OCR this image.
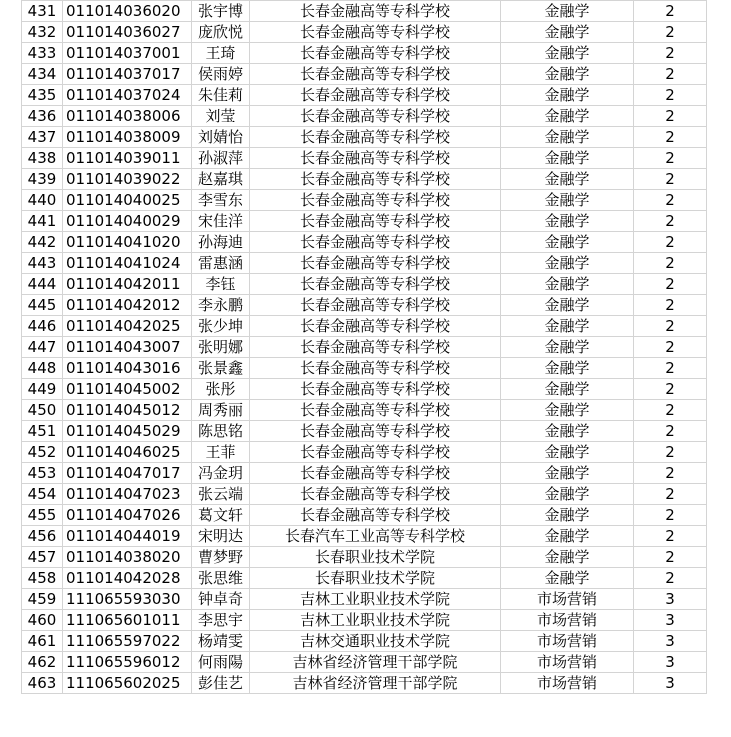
431	011014036020	张宇博	长春金融高等专科学校	金融学	2
432	011014036027	庞欣悦	长春金融高等专科学校	金融学	2
433	011014037001	王琦	长春金融高等专科学校	金融学	2
434	011014037017	侯雨婷	长春金融高等专科学校	金融学	2
435	011014037024	朱佳莉	长春金融高等专科学校	金融学	2
436	011014038006	刘莹	长春金融高等专科学校	金融学	2
437	011014038009	刘婧怡	长春金融高等专科学校	金融学	2
438	011014039011	孙淑萍	长春金融高等专科学校	金融学	2
439	011014039022	赵嘉琪	长春金融高等专科学校	金融学	2
440	011014040025	李雪东	长春金融高等专科学校	金融学	2
441	011014040029	宋佳洋	长春金融高等专科学校	金融学	2
442	011014041020	孙海迪	长春金融高等专科学校	金融学	2
443	011014041024	雷惠涵	长春金融高等专科学校	金融学	2
444	011014042011	李钰	长春金融高等专科学校	金融学	2
445	011014042012	李永鹏	长春金融高等专科学校	金融学	2
446	011014042025	张少坤	长春金融高等专科学校	金融学	2
447	011014043007	张明娜	长春金融高等专科学校	金融学	2
448	011014043016	张景鑫	长春金融高等专科学校	金融学	2
449	011014045002	张彤	长春金融高等专科学校	金融学	2
450	011014045012	周秀丽	长春金融高等专科学校	金融学	2
451	011014045029	陈思铭	长春金融高等专科学校	金融学	2
452	011014046025	王菲	长春金融高等专科学校	金融学	2
453	011014047017	冯金玥	长春金融高等专科学校	金融学	2
454	011014047023	张云端	长春金融高等专科学校	金融学	2
455	011014047026	葛文轩	长春金融高等专科学校	金融学	2
456	011014044019	宋明达	长春汽车工业高等专科学校	金融学	2
457	011014038020	曹梦野	长春职业技术学院	金融学	2
458	011014042028	张思维	长春职业技术学院	金融学	2
459	111065593030	钟卓奇	吉林工业职业技术学院	市场营销	3
460	111065601011	李思宇	吉林工业职业技术学院	市场营销	3
461	111065597022	杨靖雯	吉林交通职业技术学院	市场营销	3
462	111065596012	何雨陽	吉林省经济管理干部学院	市场营销	3
463	111065602025	彭佳艺	吉林省经济管理干部学院	市场营销	3
